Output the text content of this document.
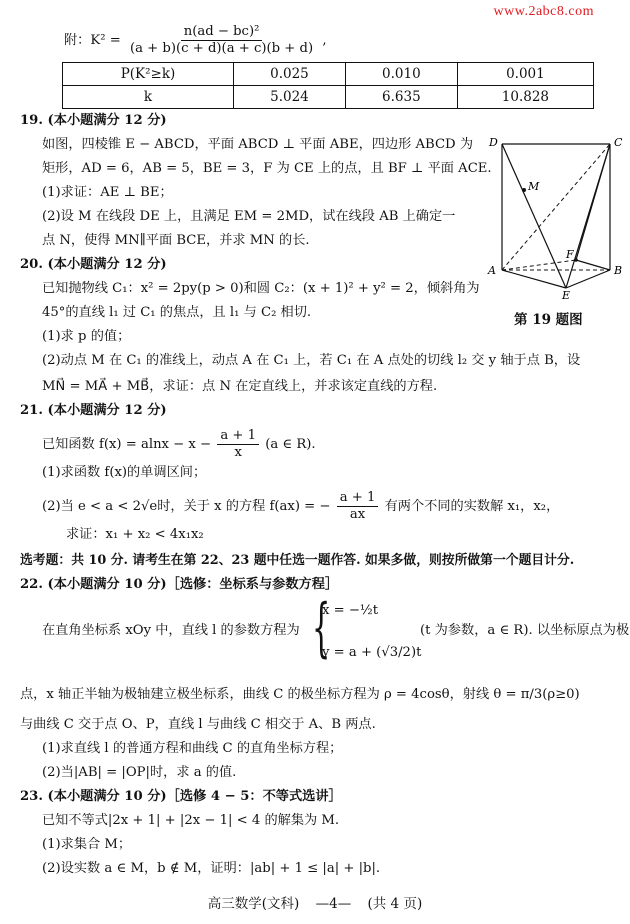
www.2abc8.com
附：$K^2 = \frac{\text{n(ad − bc)²}}{(a + b)(c + d)(a + c)(b + d)}$ ,
P(K²≥k)	0.025	0.010	0.001
k	5.024	6.635	10.828
19. (本小题满分 12 分)
如图，四棱锥 E − ABCD，平面 ABCD ⊥ 平面 ABE，四边形 ABCD 为
矩形，AD = 6，AB = 5，BE = 3，F 为 CE 上的点，且 BF ⊥ 平面 ACE.
(1)求证：AE ⊥ BE；
(2)设 M 在线段 DE 上，且满足 EM = 2MD，试在线段 AB 上确定一
点 N，使得 MN∥平面 BCE，并求 MN 的长.
D	C
M
F
A	B
E
第 19 题图
20. (本小题满分 12 分)
已知抛物线 C₁：x² = 2py(p > 0)和圆 C₂：(x + 1)² + y² = 2，倾斜角为
45°的直线 l₁ 过 C₁ 的焦点，且 l₁ 与 C₂ 相切.
(1)求 p 的值；
(2)动点 M 在 C₁ 的准线上，动点 A 在 C₁ 上，若 C₁ 在 A 点处的切线 l₂ 交 y 轴于点 B，设
MN⃗ = MA⃗ + MB⃗，求证：点 N 在定直线上，并求该定直线的方程.
21. (本小题满分 12 分)
已知函数 $f(x) = alnx - x - \frac{a + 1}{x} (a$ ∈ R).
(1)求函数 f(x)的单调区间；
(2)当 e < a < 2√e时，关于 x 的方程 f(ax) = − $\frac{a + 1}{ax}$ 有两个不同的实数解 x₁，x₂，
求证：x₁ + x₂ < 4x₁x₂
选考题：共 10 分. 请考生在第 22、23 题中任选一题作答. 如果多做，则按所做第一个题目计分.
22. (本小题满分 10 分)［选修：坐标系与参数方程］
在直角坐标系 xOy 中，直线 l 的参数方程为 {
x = −½t
y = a + (√3/2)t
(t 为参数，a ∈ R). 以坐标原点为极
点，x 轴正半轴为极轴建立极坐标系，曲线 C 的极坐标方程为 ρ = 4cosθ，射线 θ = π/3(ρ≥0)
与曲线 C 交于点 O、P，直线 l 与曲线 C 相交于 A、B 两点.
(1)求直线 l 的普通方程和曲线 C 的直角坐标方程；
(2)当|AB| = |OP|时，求 a 的值.
23. (本小题满分 10 分)［选修 4 − 5：不等式选讲］
已知不等式|2x + 1| + |2x − 1| < 4 的解集为 M.
(1)求集合 M；
(2)设实数 a ∈ M，b ∉ M，证明：|ab| + 1 ≤ |a| + |b|.
高三数学(文科) —4— (共 4 页)
